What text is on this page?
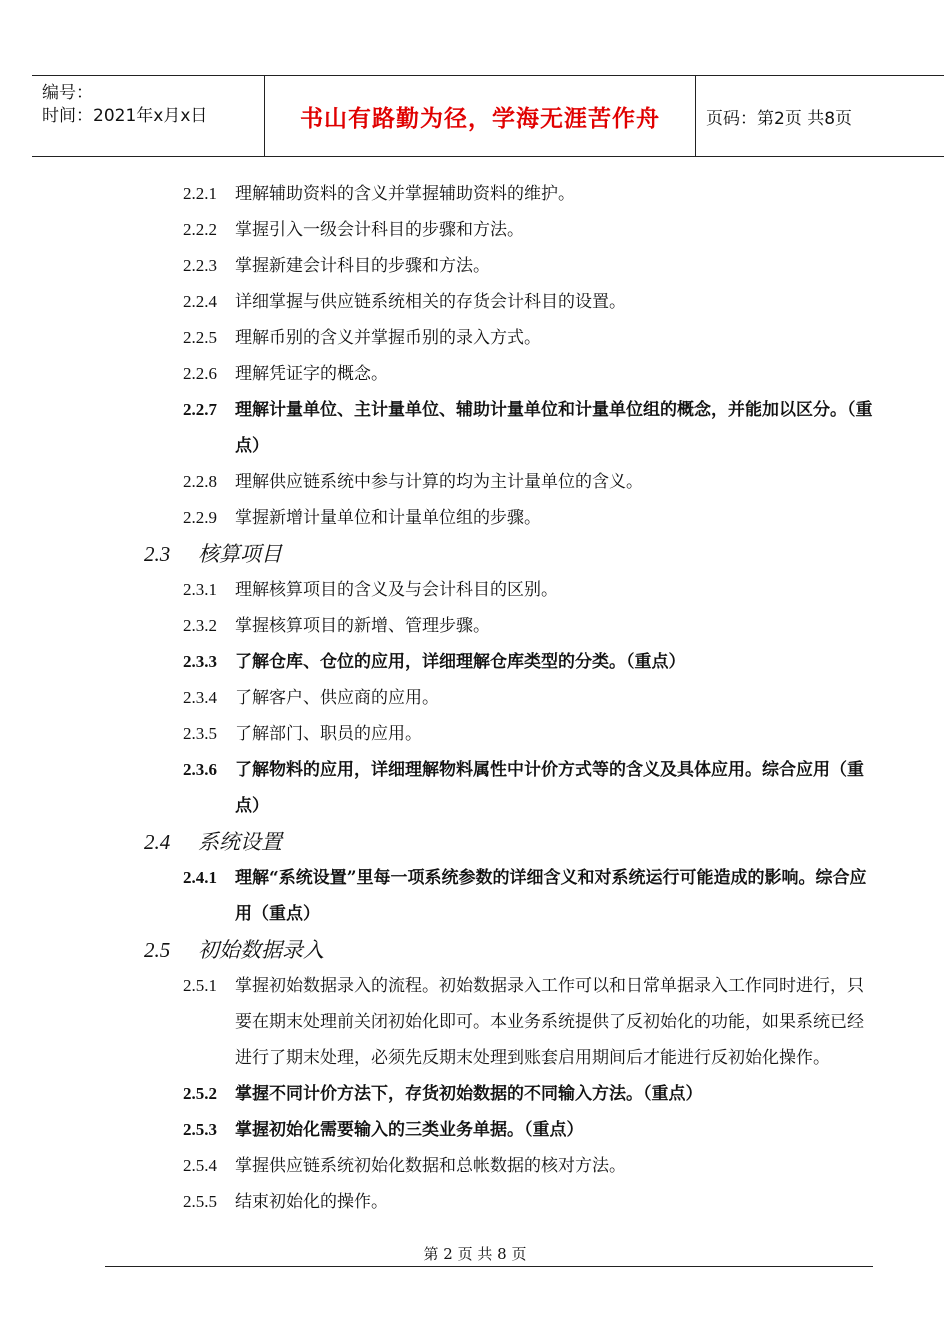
编号：
时间：2021年x月x日	书山有路勤为径，学海无涯苦作舟	页码：第2页 共8页
2.2.1	理解辅助资料的含义并掌握辅助资料的维护。
2.2.2	掌握引入一级会计科目的步骤和方法。
2.2.3	掌握新建会计科目的步骤和方法。
2.2.4	详细掌握与供应链系统相关的存货会计科目的设置。
2.2.5	理解币别的含义并掌握币别的录入方式。
2.2.6	理解凭证字的概念。
2.2.7	理解计量单位、主计量单位、辅助计量单位和计量单位组的概念，并能加以区分。（重点）
2.2.8	理解供应链系统中参与计算的均为主计量单位的含义。
2.2.9	掌握新增计量单位和计量单位组的步骤。
2.3	核算项目
2.3.1	理解核算项目的含义及与会计科目的区别。
2.3.2	掌握核算项目的新增、管理步骤。
2.3.3	了解仓库、仓位的应用，详细理解仓库类型的分类。（重点）
2.3.4	了解客户、供应商的应用。
2.3.5	了解部门、职员的应用。
2.3.6	了解物料的应用，详细理解物料属性中计价方式等的含义及具体应用。综合应用（重点）
2.4	系统设置
2.4.1	理解“系统设置”里每一项系统参数的详细含义和对系统运行可能造成的影响。综合应用（重点）
2.5	初始数据录入
2.5.1	掌握初始数据录入的流程。初始数据录入工作可以和日常单据录入工作同时进行，只要在期末处理前关闭初始化即可。本业务系统提供了反初始化的功能，如果系统已经进行了期末处理，必须先反期末处理到账套启用期间后才能进行反初始化操作。
2.5.2	掌握不同计价方法下，存货初始数据的不同输入方法。（重点）
2.5.3	掌握初始化需要输入的三类业务单据。（重点）
2.5.4	掌握供应链系统初始化数据和总帐数据的核对方法。
2.5.5	结束初始化的操作。
第 2 页 共 8 页
